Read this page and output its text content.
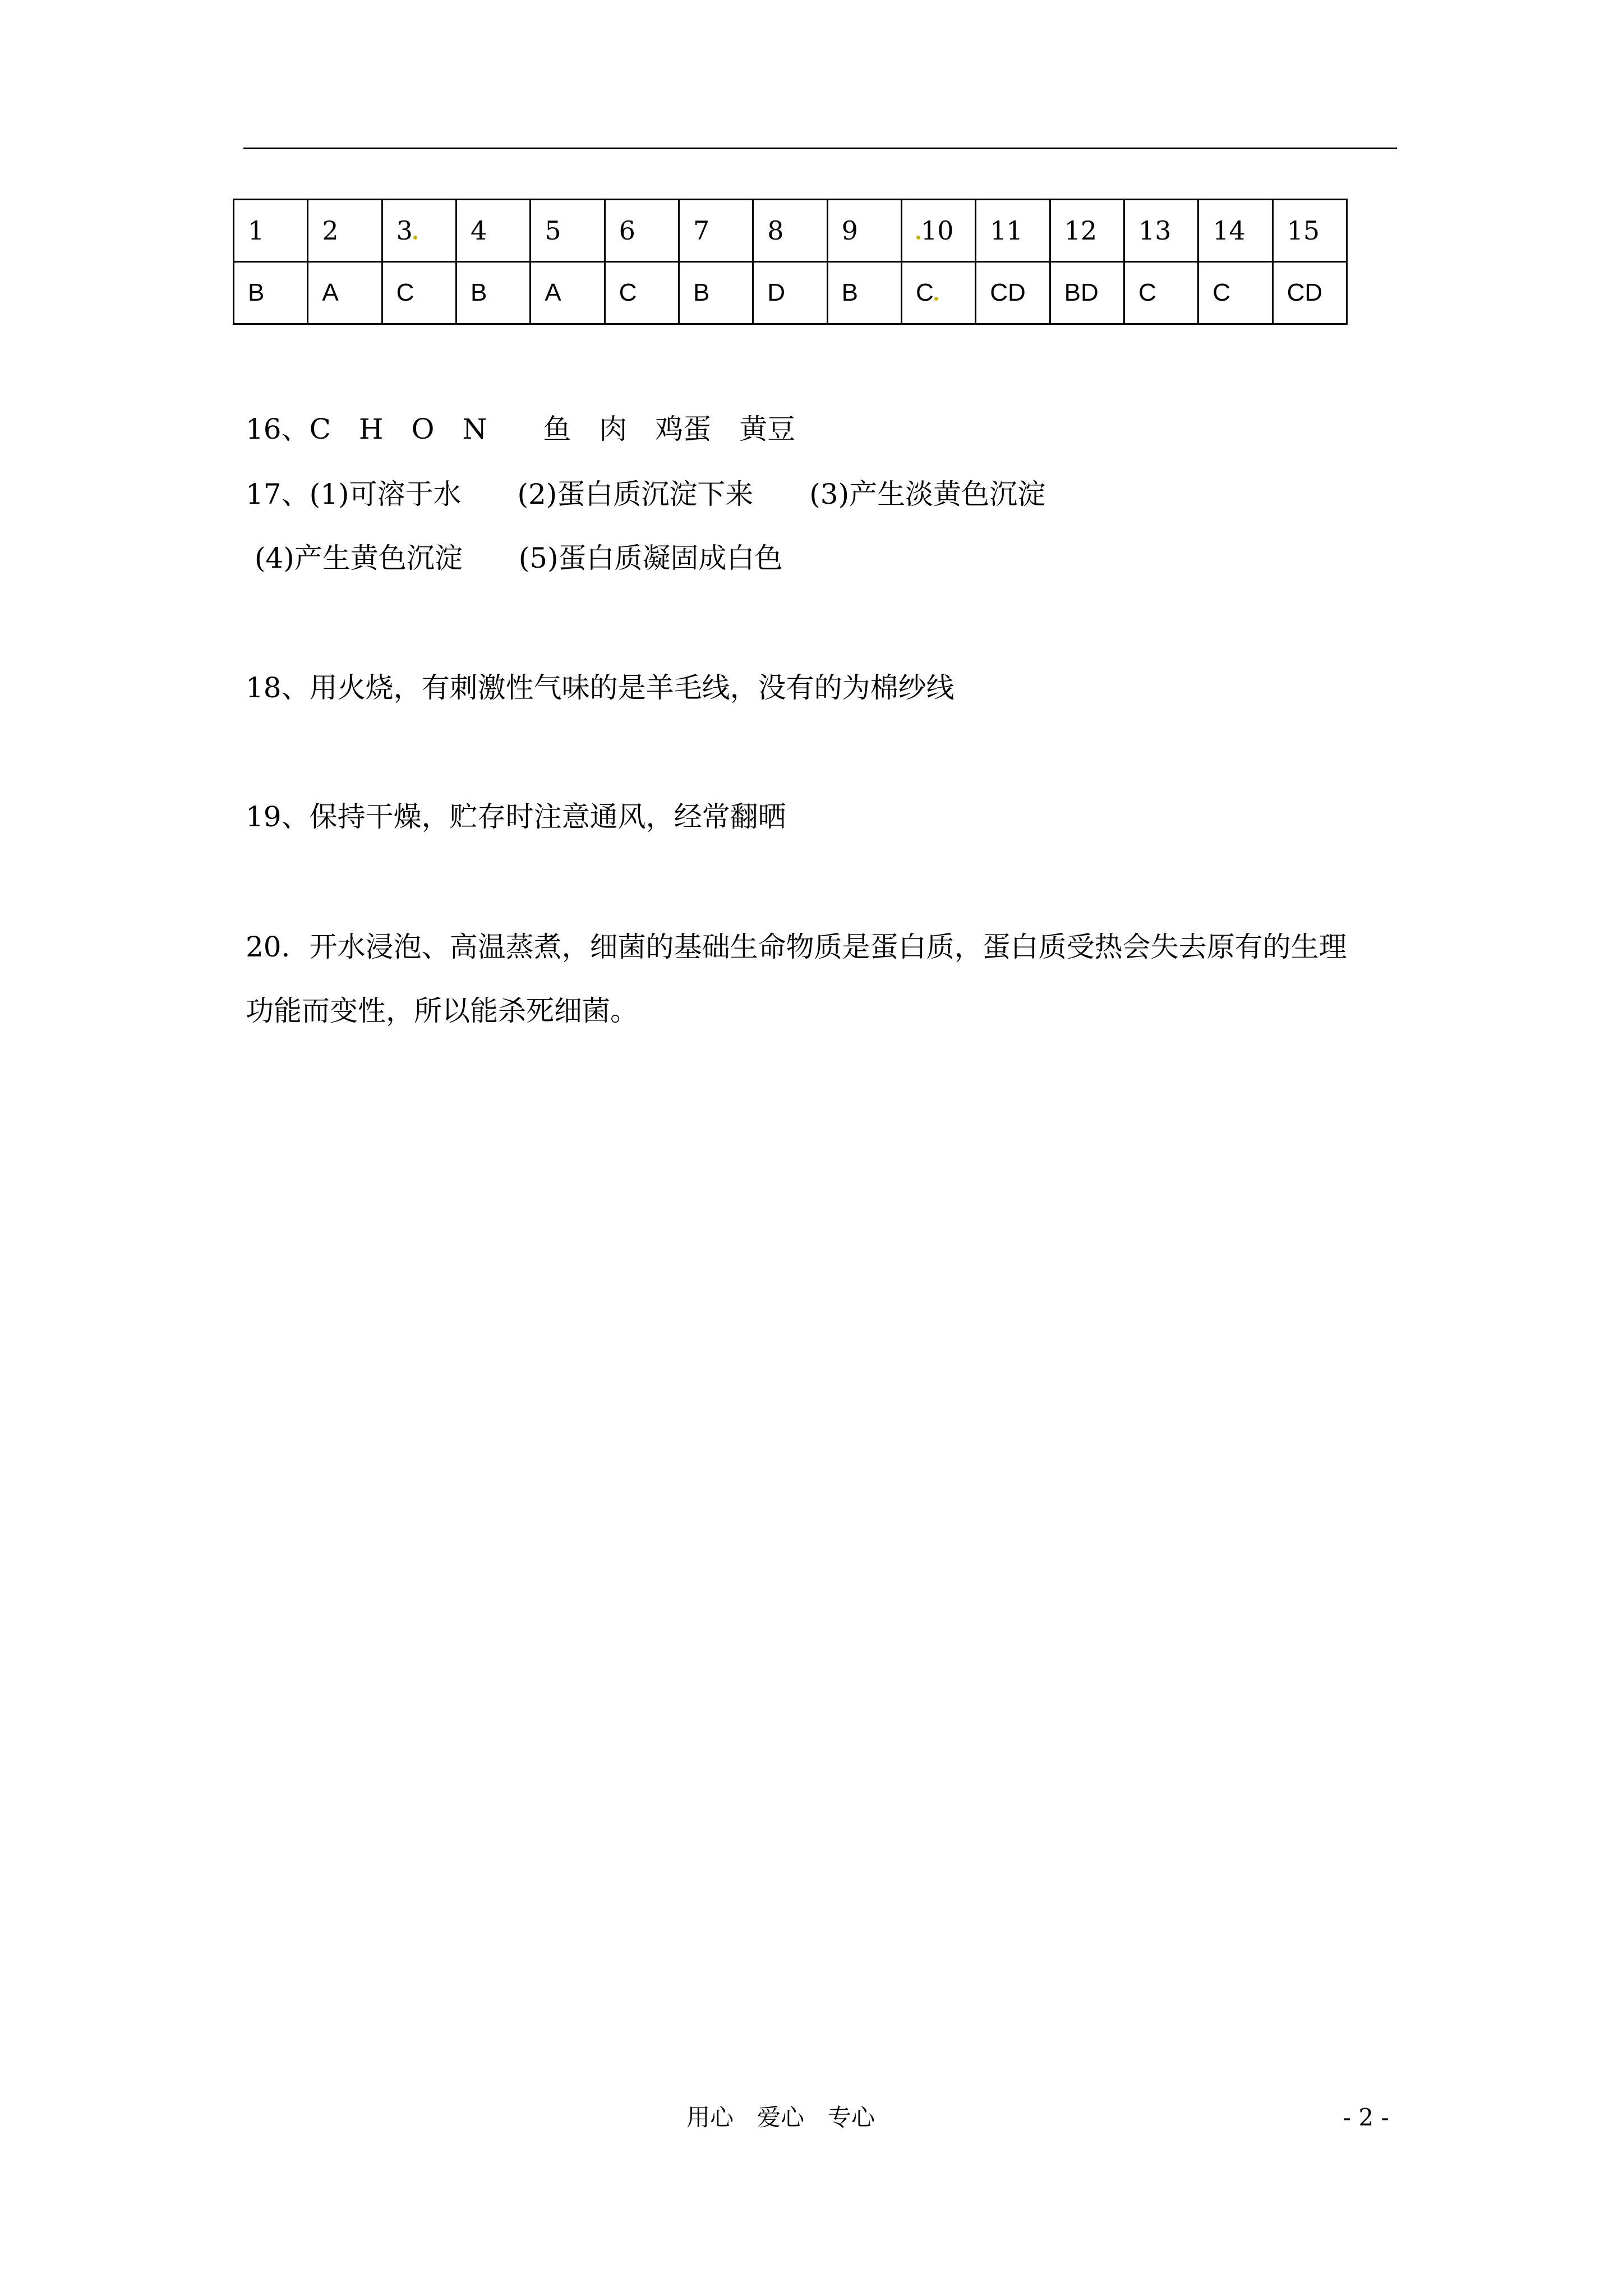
1	2	3	4	5	6	7	8	9	10	11	12	13	14	15
B	A	C	B	A	C	B	D	B	C	CD	BD	C	C	CD
16、C　H　O　N　　鱼　肉　鸡蛋　黄豆
17、(1)可溶于水　　(2)蛋白质沉淀下来　　(3)产生淡黄色沉淀
(4)产生黄色沉淀　　(5)蛋白质凝固成白色
18、用火烧，有刺激性气味的是羊毛线，没有的为棉纱线
19、保持干燥，贮存时注意通风，经常翻晒
20．开水浸泡、高温蒸煮，细菌的基础生命物质是蛋白质，蛋白质受热会失去原有的生理
功能而变性，所以能杀死细菌。
用心　爱心　专心	- 2 -
